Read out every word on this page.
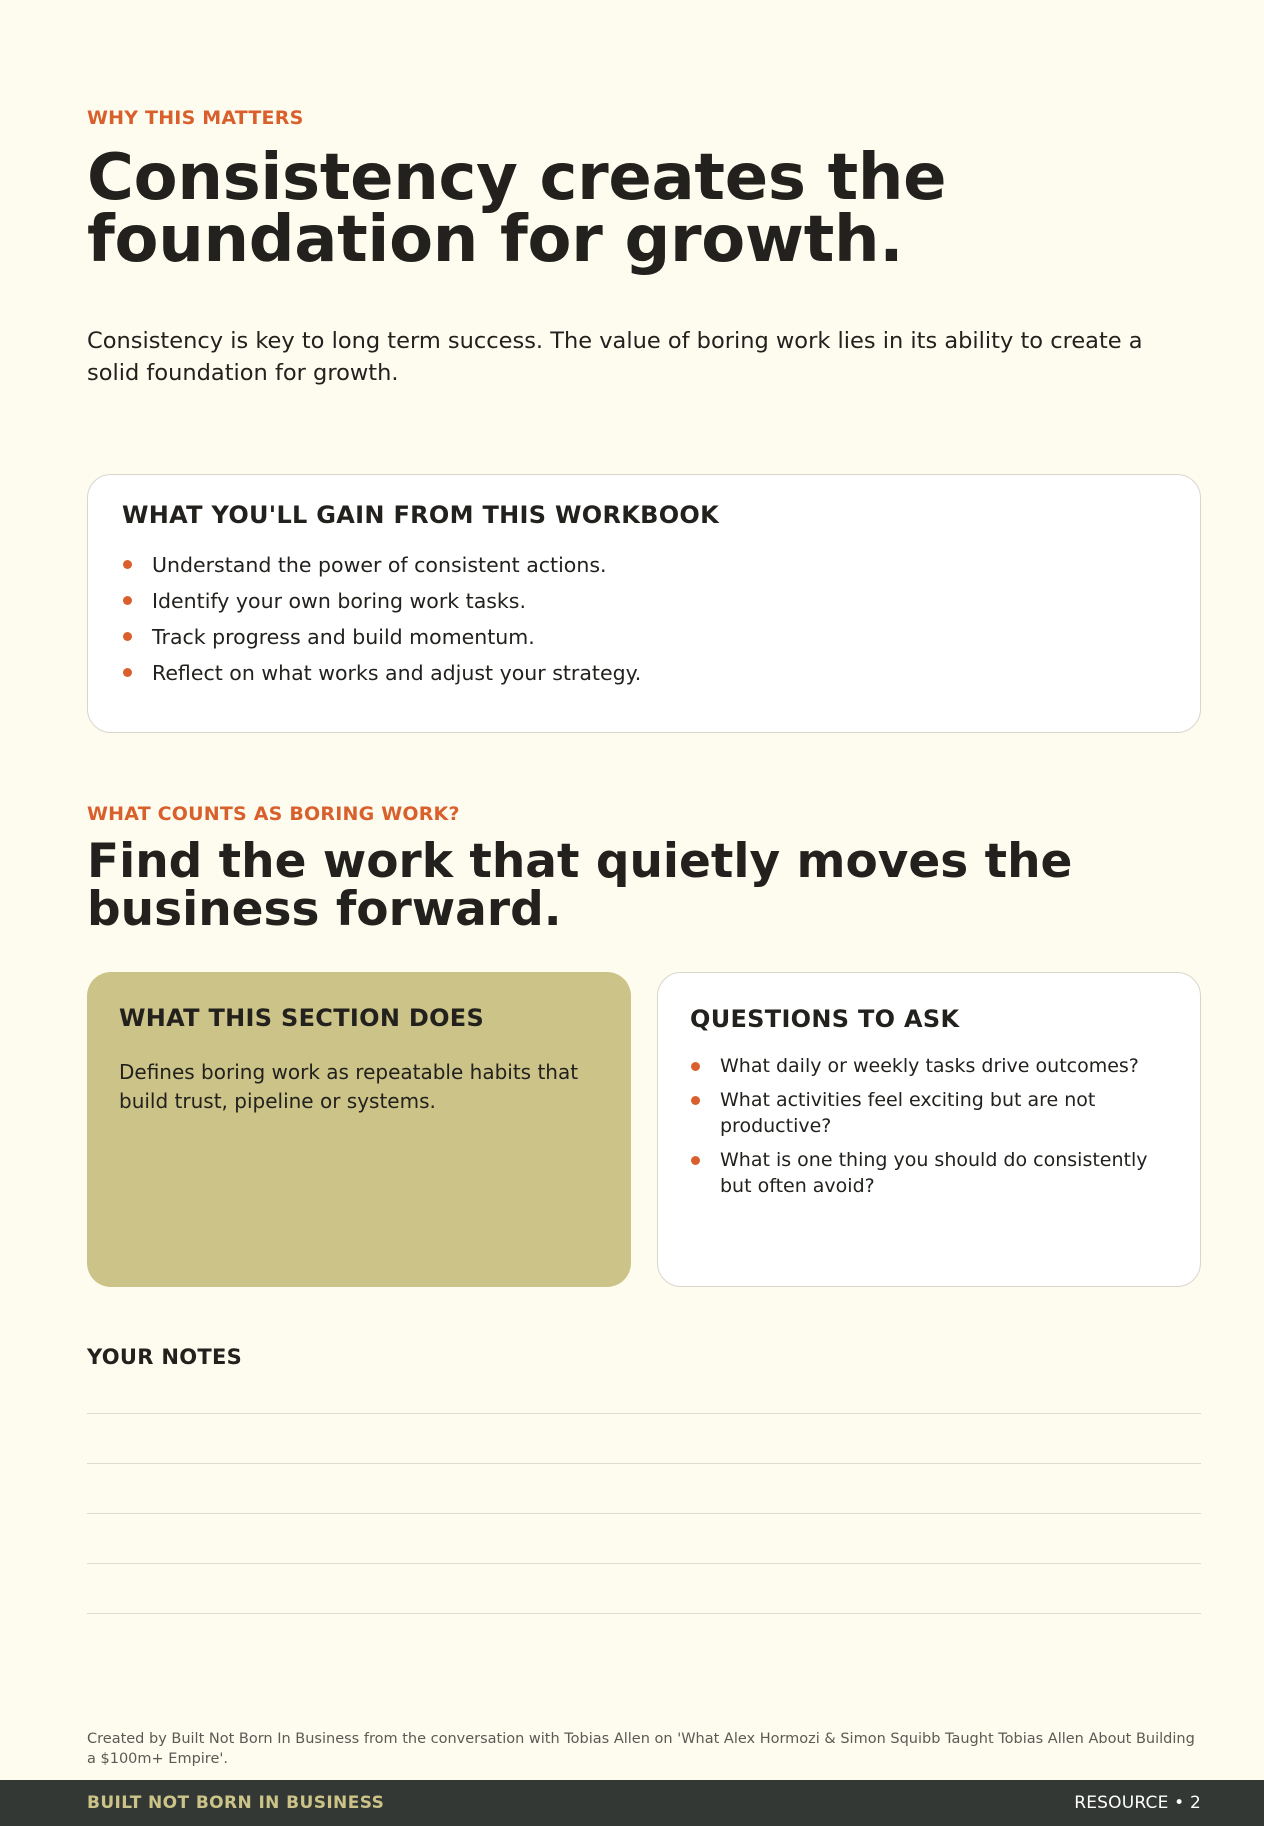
WHY THIS MATTERS

Consistency creates the
foundation for growth.

Consistency is key to long term success. The value of boring work lies in its ability to create a solid foundation for growth.

WHAT YOU'LL GAIN FROM THIS WORKBOOK
Understand the power of consistent actions.
Identify your own boring work tasks.
Track progress and build momentum.
Reflect on what works and adjust your strategy.

WHAT COUNTS AS BORING WORK?

Find the work that quietly moves the
business forward.
WHAT THIS SECTION DOES

Defines boring work as repeatable habits that build trust, pipeline or systems.

QUESTIONS TO ASK
What daily or weekly tasks drive outcomes?
What activities feel exciting but are not productive?
What is one thing you should do consistently but often avoid?
YOUR NOTES

Created by Built Not Born In Business from the conversation with Tobias Allen on 'What Alex Hormozi & Simon Squibb Taught Tobias Allen About Building a $100m+ Empire'.

BUILT NOT BORN IN BUSINESS	RESOURCE • 2
